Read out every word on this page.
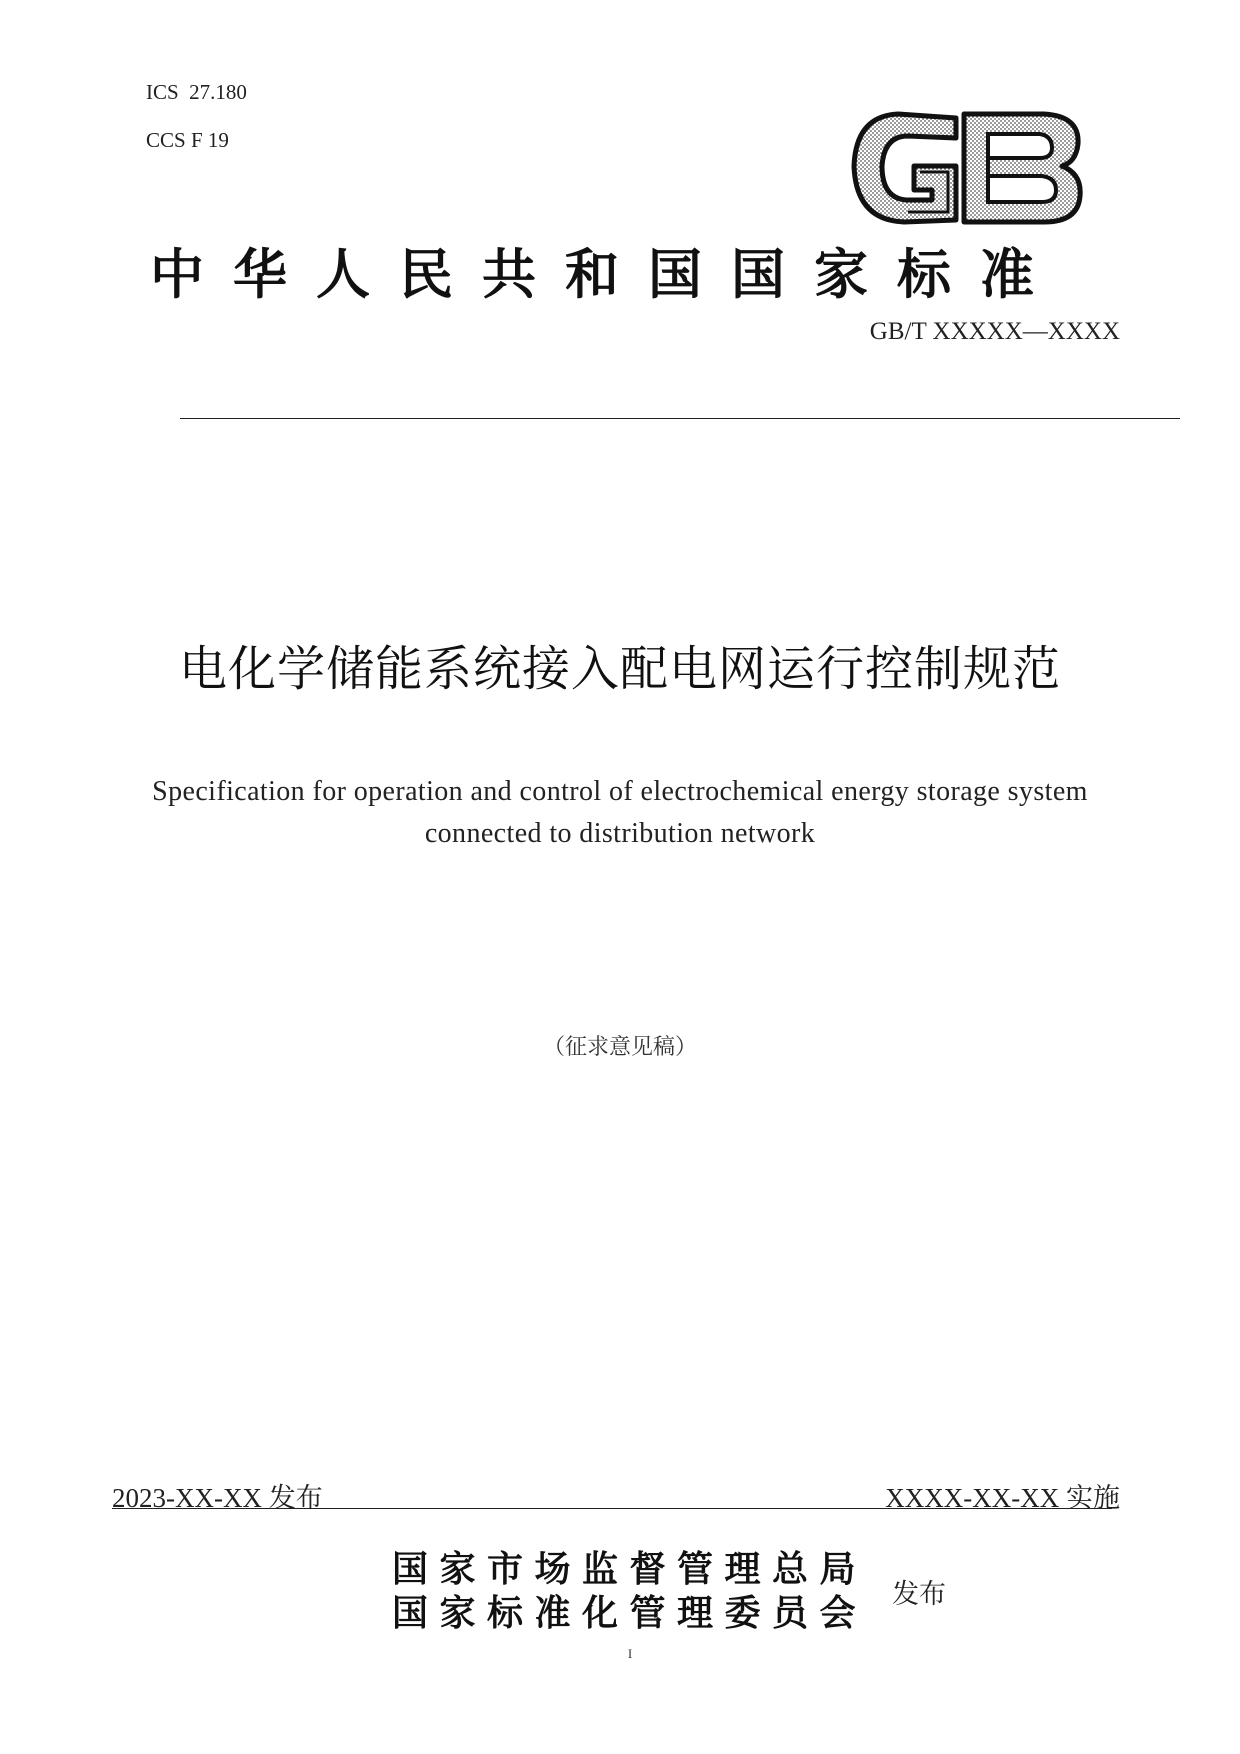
ICS  27.180
CCS F 19
中华人民共和国国家标准
GB/T XXXXX—XXXX
电化学储能系统接入配电网运行控制规范
Specification for operation and control of electrochemical energy storage system
connected to distribution network
（征求意见稿）
2023-XX-XX 发布	XXXX-XX-XX 实施
国家市场监督管理总局
国家标准化管理委员会 发布
I
